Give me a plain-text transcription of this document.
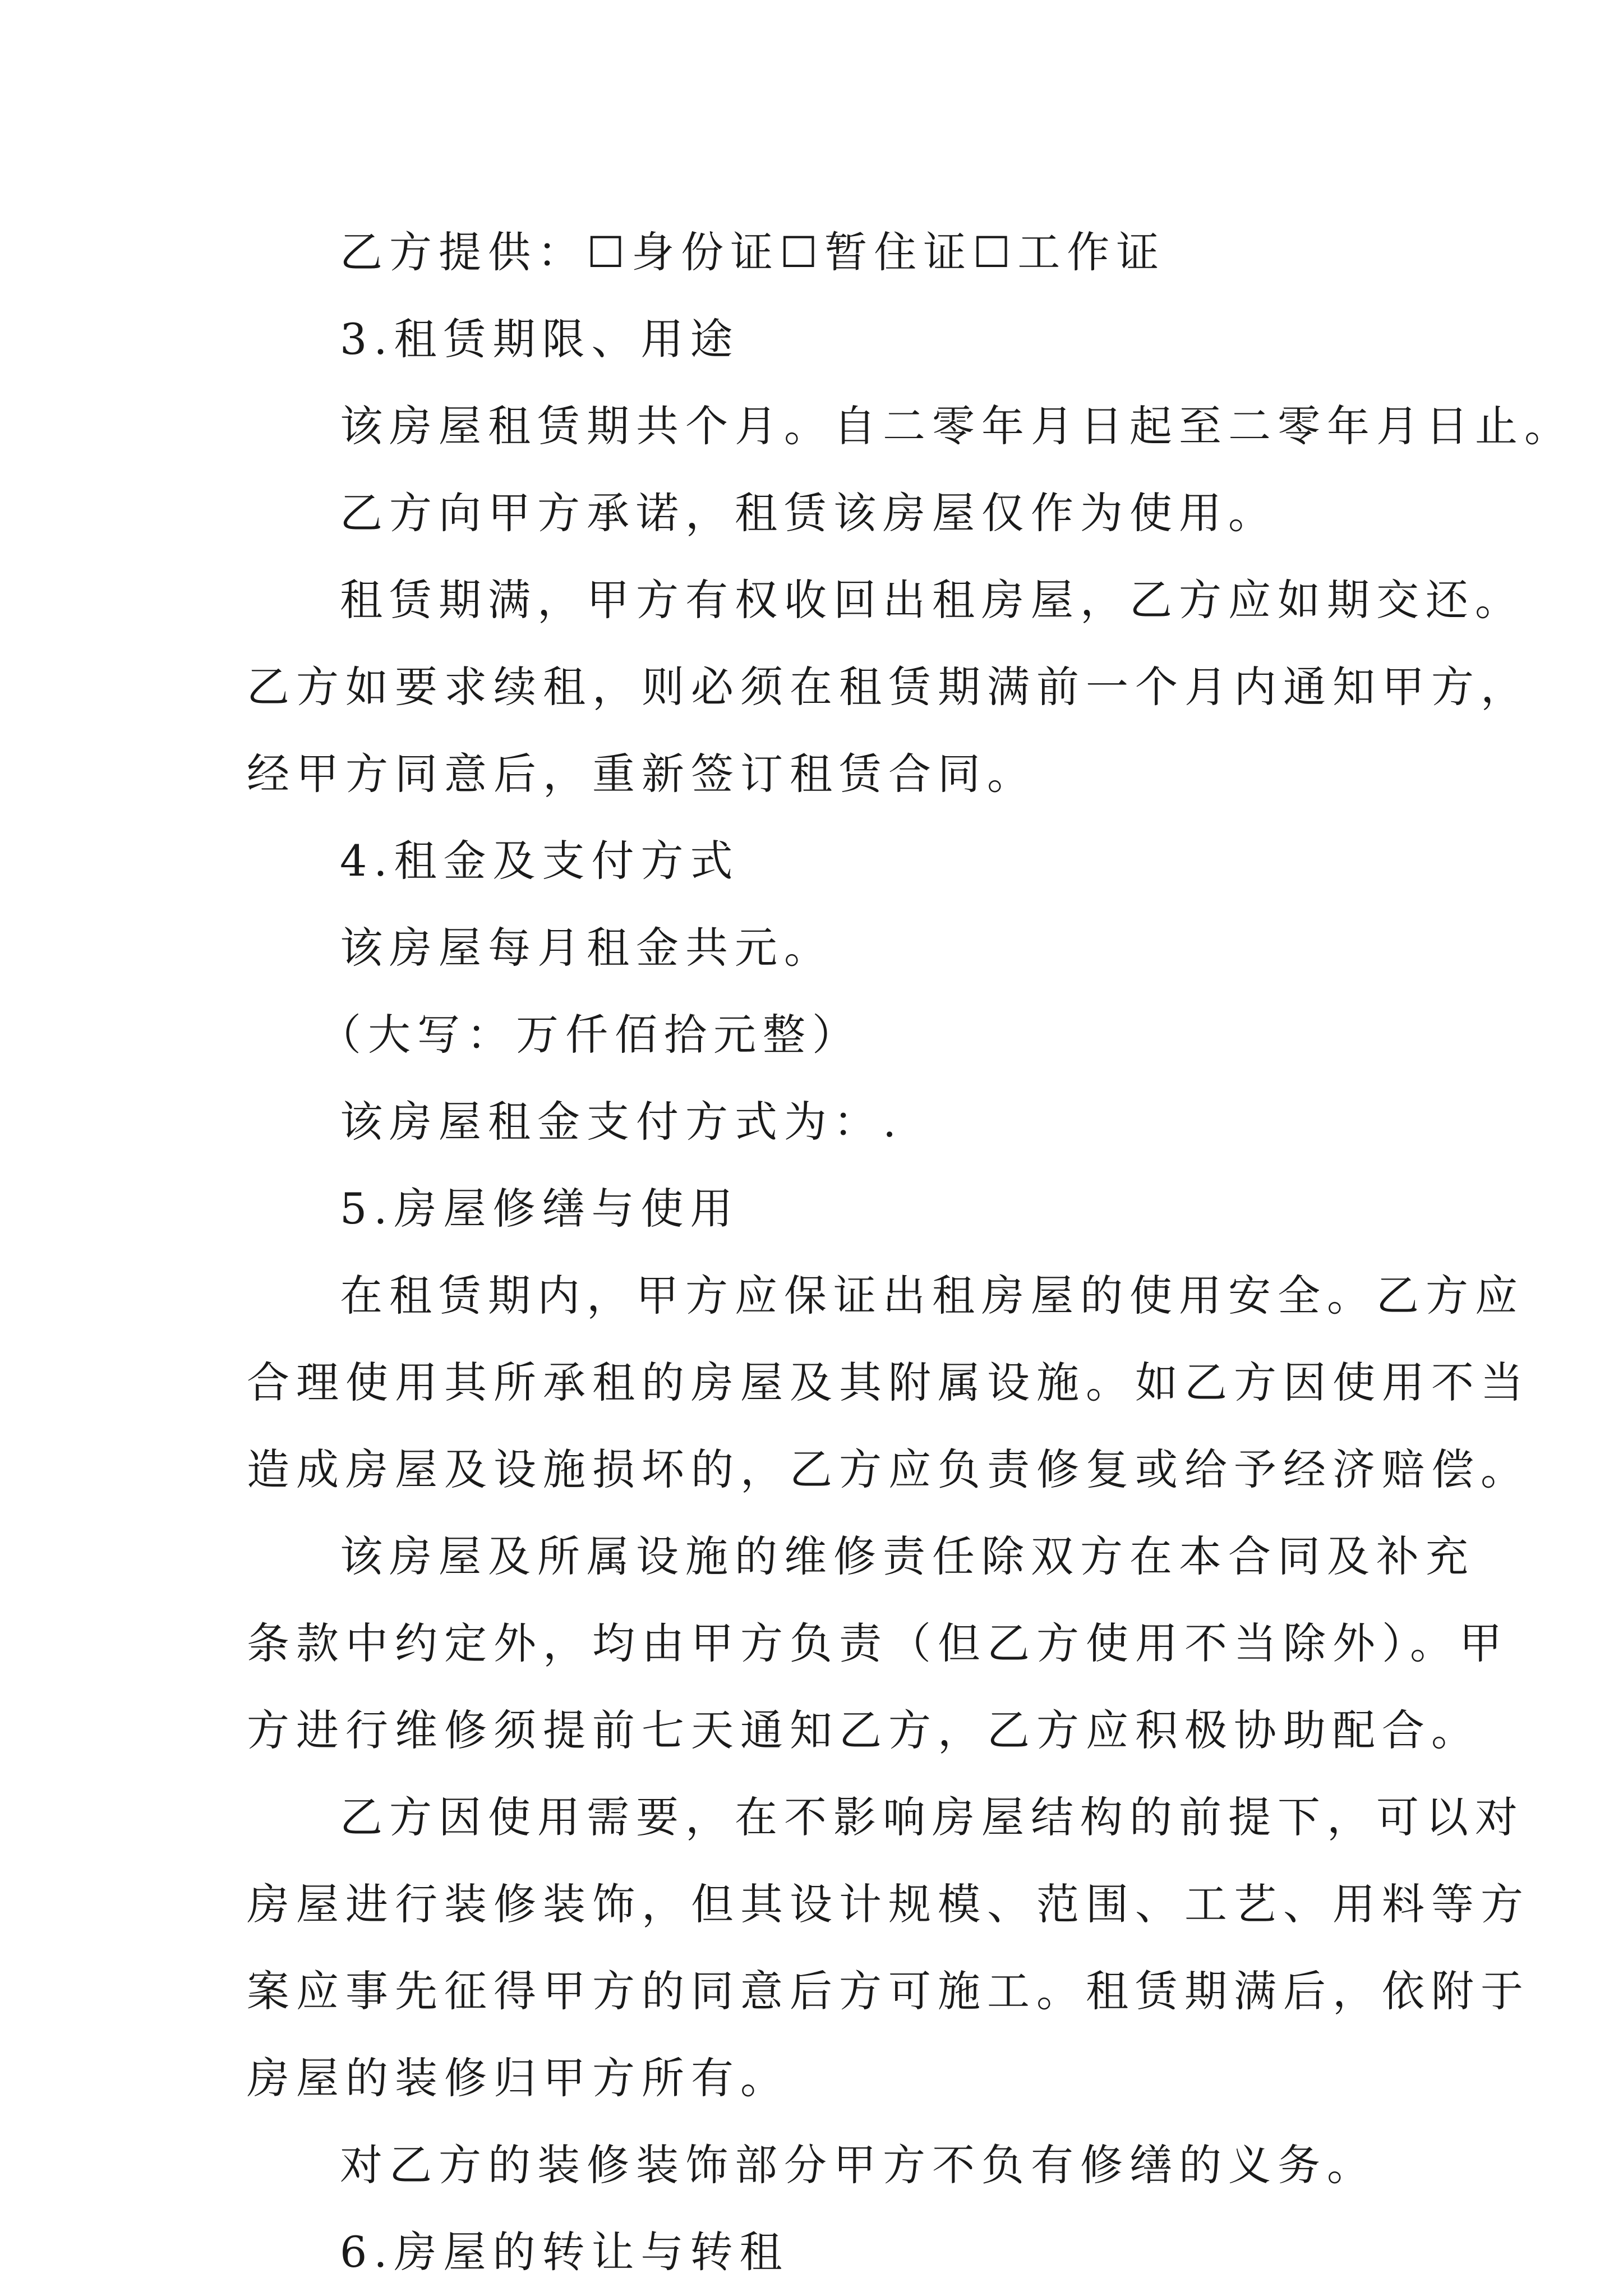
乙方提供：☐身份证☐暂住证☐工作证
3.租赁期限、用途
该房屋租赁期共个月。自二零年月日起至二零年月日止。
乙方向甲方承诺，租赁该房屋仅作为使用。
租赁期满，甲方有权收回出租房屋，乙方应如期交还。
乙方如要求续租，则必须在租赁期满前一个月内通知甲方，
经甲方同意后，重新签订租赁合同。
4.租金及支付方式
该房屋每月租金共元。
（大写：万仟佰拾元整）
该房屋租金支付方式为：.
5.房屋修缮与使用
在租赁期内，甲方应保证出租房屋的使用安全。乙方应
合理使用其所承租的房屋及其附属设施。如乙方因使用不当
造成房屋及设施损坏的，乙方应负责修复或给予经济赔偿。
该房屋及所属设施的维修责任除双方在本合同及补充
条款中约定外，均由甲方负责（但乙方使用不当除外）。甲
方进行维修须提前七天通知乙方，乙方应积极协助配合。
乙方因使用需要，在不影响房屋结构的前提下，可以对
房屋进行装修装饰，但其设计规模、范围、工艺、用料等方
案应事先征得甲方的同意后方可施工。租赁期满后，依附于
房屋的装修归甲方所有。
对乙方的装修装饰部分甲方不负有修缮的义务。
6.房屋的转让与转租
